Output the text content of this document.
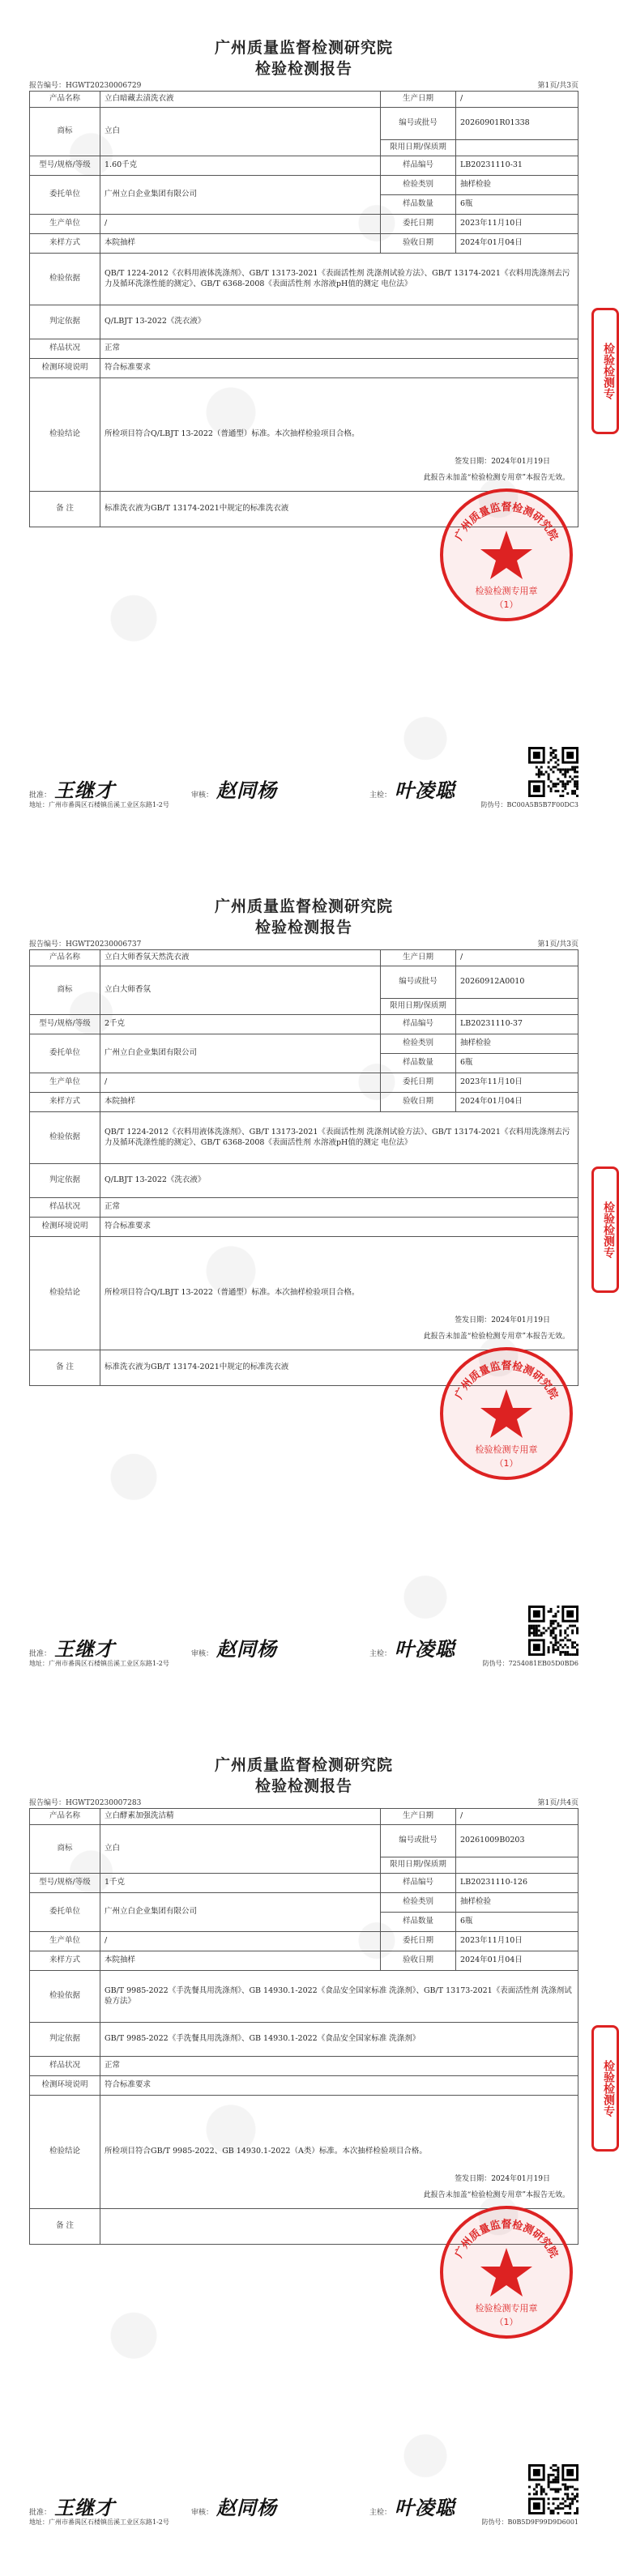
广州质量监督检测研究院
检验检测报告
报告编号：HGWT20230006729	第1页/共3页
产品名称	立白暗藏去渍洗衣液	生产日期	/
商标	立白	编号或批号	20260901R01338
		限用日期/保质期	
型号/规格/等级	1.60千克	样品编号	LB20231110-31
委托单位	广州立白企业集团有限公司	检验类别	抽样检验
		样品数量	6瓶
生产单位	/	委托日期	2023年11月10日
来样方式	本院抽样	验收日期	2024年01月04日
检验依据	QB/T 1224-2012《衣料用液体洗涤剂》、GB/T 13173-2021《表面活性剂 洗涤剂试验方法》、GB/T 13174-2021《衣料用洗涤剂去污力及循环洗涤性能的测定》、GB/T 6368-2008《表面活性剂 水溶液pH值的测定 电位法》		
判定依据	Q/LBJT 13-2022《洗衣液》		
样品状况	正常		
检测环境说明	符合标准要求		
检验结论	所检项目符合Q/LBJT 13-2022（普通型）标准。本次抽样检验项目合格。
签发日期：2024年01月19日
此报告未加盖“检验检测专用章”本报告无效。		

备 注	标准洗衣液为GB/T 13174-2021中规定的标准洗衣液		
广州质量监督检测研究院
检验检测专用章
（1）
检验检测专
批准： 王继才	审核： 赵同杨	主检： 叶凌聪
地址：广州市番禺区石楼镇岳溪工业区东路1-2号	防伪号：BC00A5B5B7F00DC3
广州质量监督检测研究院
检验检测报告
报告编号：HGWT20230006737	第1页/共3页
产品名称	立白大师香氛天然洗衣液	生产日期	/
商标	立白大师香氛	编号或批号	20260912A0010
		限用日期/保质期	
型号/规格/等级	2千克	样品编号	LB20231110-37
委托单位	广州立白企业集团有限公司	检验类别	抽样检验
		样品数量	6瓶
生产单位	/	委托日期	2023年11月10日
来样方式	本院抽样	验收日期	2024年01月04日
检验依据	QB/T 1224-2012《衣料用液体洗涤剂》、GB/T 13173-2021《表面活性剂 洗涤剂试验方法》、GB/T 13174-2021《衣料用洗涤剂去污力及循环洗涤性能的测定》、GB/T 6368-2008《表面活性剂 水溶液pH值的测定 电位法》		
判定依据	Q/LBJT 13-2022《洗衣液》		
样品状况	正常		
检测环境说明	符合标准要求		
检验结论	所检项目符合Q/LBJT 13-2022（普通型）标准。本次抽样检验项目合格。
签发日期：2024年01月19日
此报告未加盖“检验检测专用章”本报告无效。		

备 注	标准洗衣液为GB/T 13174-2021中规定的标准洗衣液		
广州质量监督检测研究院
检验检测专用章
（1）
检验检测专
批准： 王继才	审核： 赵同杨	主检： 叶凌聪
地址：广州市番禺区石楼镇岳溪工业区东路1-2号	防伪号：7254081EB05D0BD6
广州质量监督检测研究院
检验检测报告
报告编号：HGWT20230007283	第1页/共4页
产品名称	立白酵素加强洗洁精	生产日期	/
商标	立白	编号或批号	20261009B0203
		限用日期/保质期	
型号/规格/等级	1千克	样品编号	LB20231110-126
委托单位	广州立白企业集团有限公司	检验类别	抽样检验
		样品数量	6瓶
生产单位	/	委托日期	2023年11月10日
来样方式	本院抽样	验收日期	2024年01月04日
检验依据	GB/T 9985-2022《手洗餐具用洗涤剂》、GB 14930.1-2022《食品安全国家标准 洗涤剂》、GB/T 13173-2021《表面活性剂 洗涤剂试验方法》		
判定依据	GB/T 9985-2022《手洗餐具用洗涤剂》、GB 14930.1-2022《食品安全国家标准 洗涤剂》		
样品状况	正常		
检测环境说明	符合标准要求		
检验结论	所检项目符合GB/T 9985-2022、GB 14930.1-2022（A类）标准。本次抽样检验项目合格。
签发日期：2024年01月19日
此报告未加盖“检验检测专用章”本报告无效。		

备 注			
广州质量监督检测研究院
检验检测专用章
（1）
检验检测专
批准： 王继才	审核： 赵同杨	主检： 叶凌聪
地址：广州市番禺区石楼镇岳溪工业区东路1-2号	防伪号：B0B5D9F99D9D6001
